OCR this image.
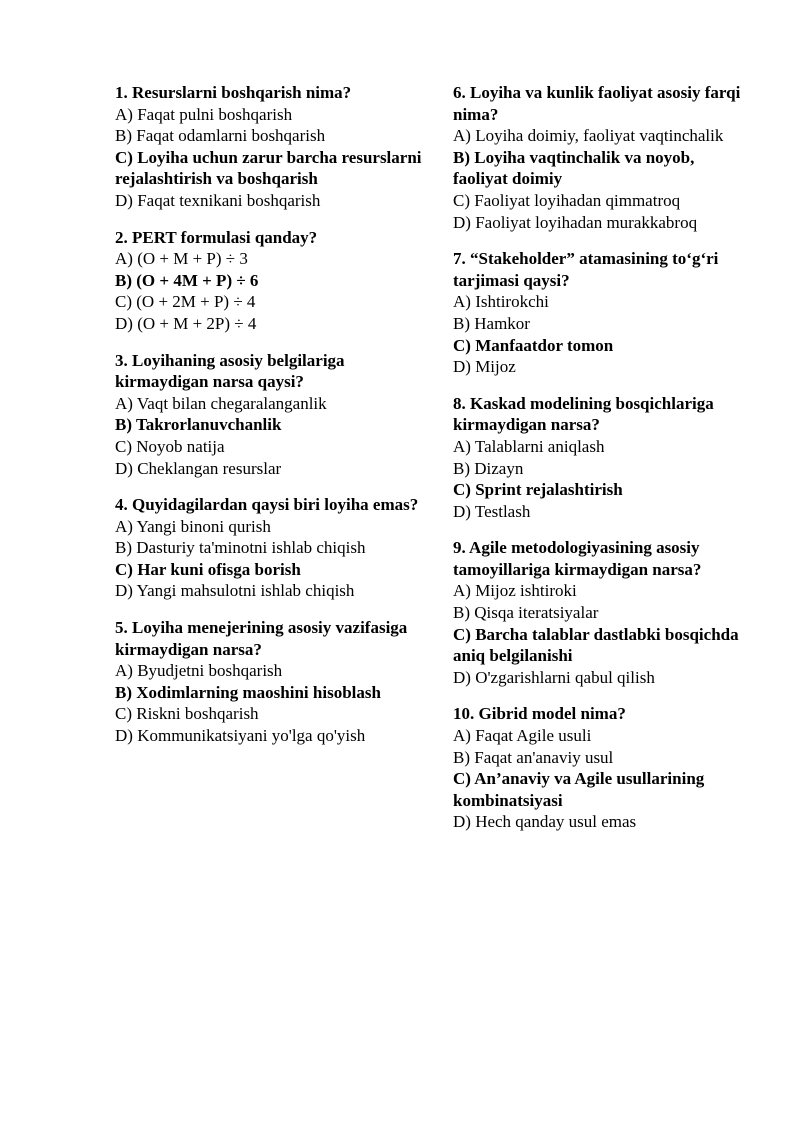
1. Resurslarni boshqarish nima?
A) Faqat pulni boshqarish
B) Faqat odamlarni boshqarish
C) Loyiha uchun zarur barcha resurslarni rejalashtirish va boshqarish
D) Faqat texnikani boshqarish
2. PERT formulasi qanday?
A) (O + M + P) ÷ 3
B) (O + 4M + P) ÷ 6
C) (O + 2M + P) ÷ 4
D) (O + M + 2P) ÷ 4
3. Loyihaning asosiy belgilariga kirmaydigan narsa qaysi?
A) Vaqt bilan chegaralanganlik
B) Takrorlanuvchanlik
C) Noyob natija
D) Cheklangan resurslar
4. Quyidagilardan qaysi biri loyiha emas?
A) Yangi binoni qurish
B) Dasturiy ta'minotni ishlab chiqish
C) Har kuni ofisga borish
D) Yangi mahsulotni ishlab chiqish
5. Loyiha menejerining asosiy vazifasiga kirmaydigan narsa?
A) Byudjetni boshqarish
B) Xodimlarning maoshini hisoblash
C) Riskni boshqarish
D) Kommunikatsiyani yo'lga qo'yish
6. Loyiha va kunlik faoliyat asosiy farqi nima?
A) Loyiha doimiy, faoliyat vaqtinchalik
B) Loyiha vaqtinchalik va noyob, faoliyat doimiy
C) Faoliyat loyihadan qimmatroq
D) Faoliyat loyihadan murakkabroq
7. “Stakeholder” atamasining to‘g‘ri tarjimasi qaysi?
A) Ishtirokchi
B) Hamkor
C) Manfaatdor tomon
D) Mijoz
8. Kaskad modelining bosqichlariga kirmaydigan narsa?
A) Talablarni aniqlash
B) Dizayn
C) Sprint rejalashtirish
D) Testlash
9. Agile metodologiyasining asosiy tamoyillariga kirmaydigan narsa?
A) Mijoz ishtiroki
B) Qisqa iteratsiyalar
C) Barcha talablar dastlabki bosqichda aniq belgilanishi
D) O'zgarishlarni qabul qilish
10. Gibrid model nima?
A) Faqat Agile usuli
B) Faqat an'anaviy usul
C) An’anaviy va Agile usullarining kombinatsiyasi
D) Hech qanday usul emas
